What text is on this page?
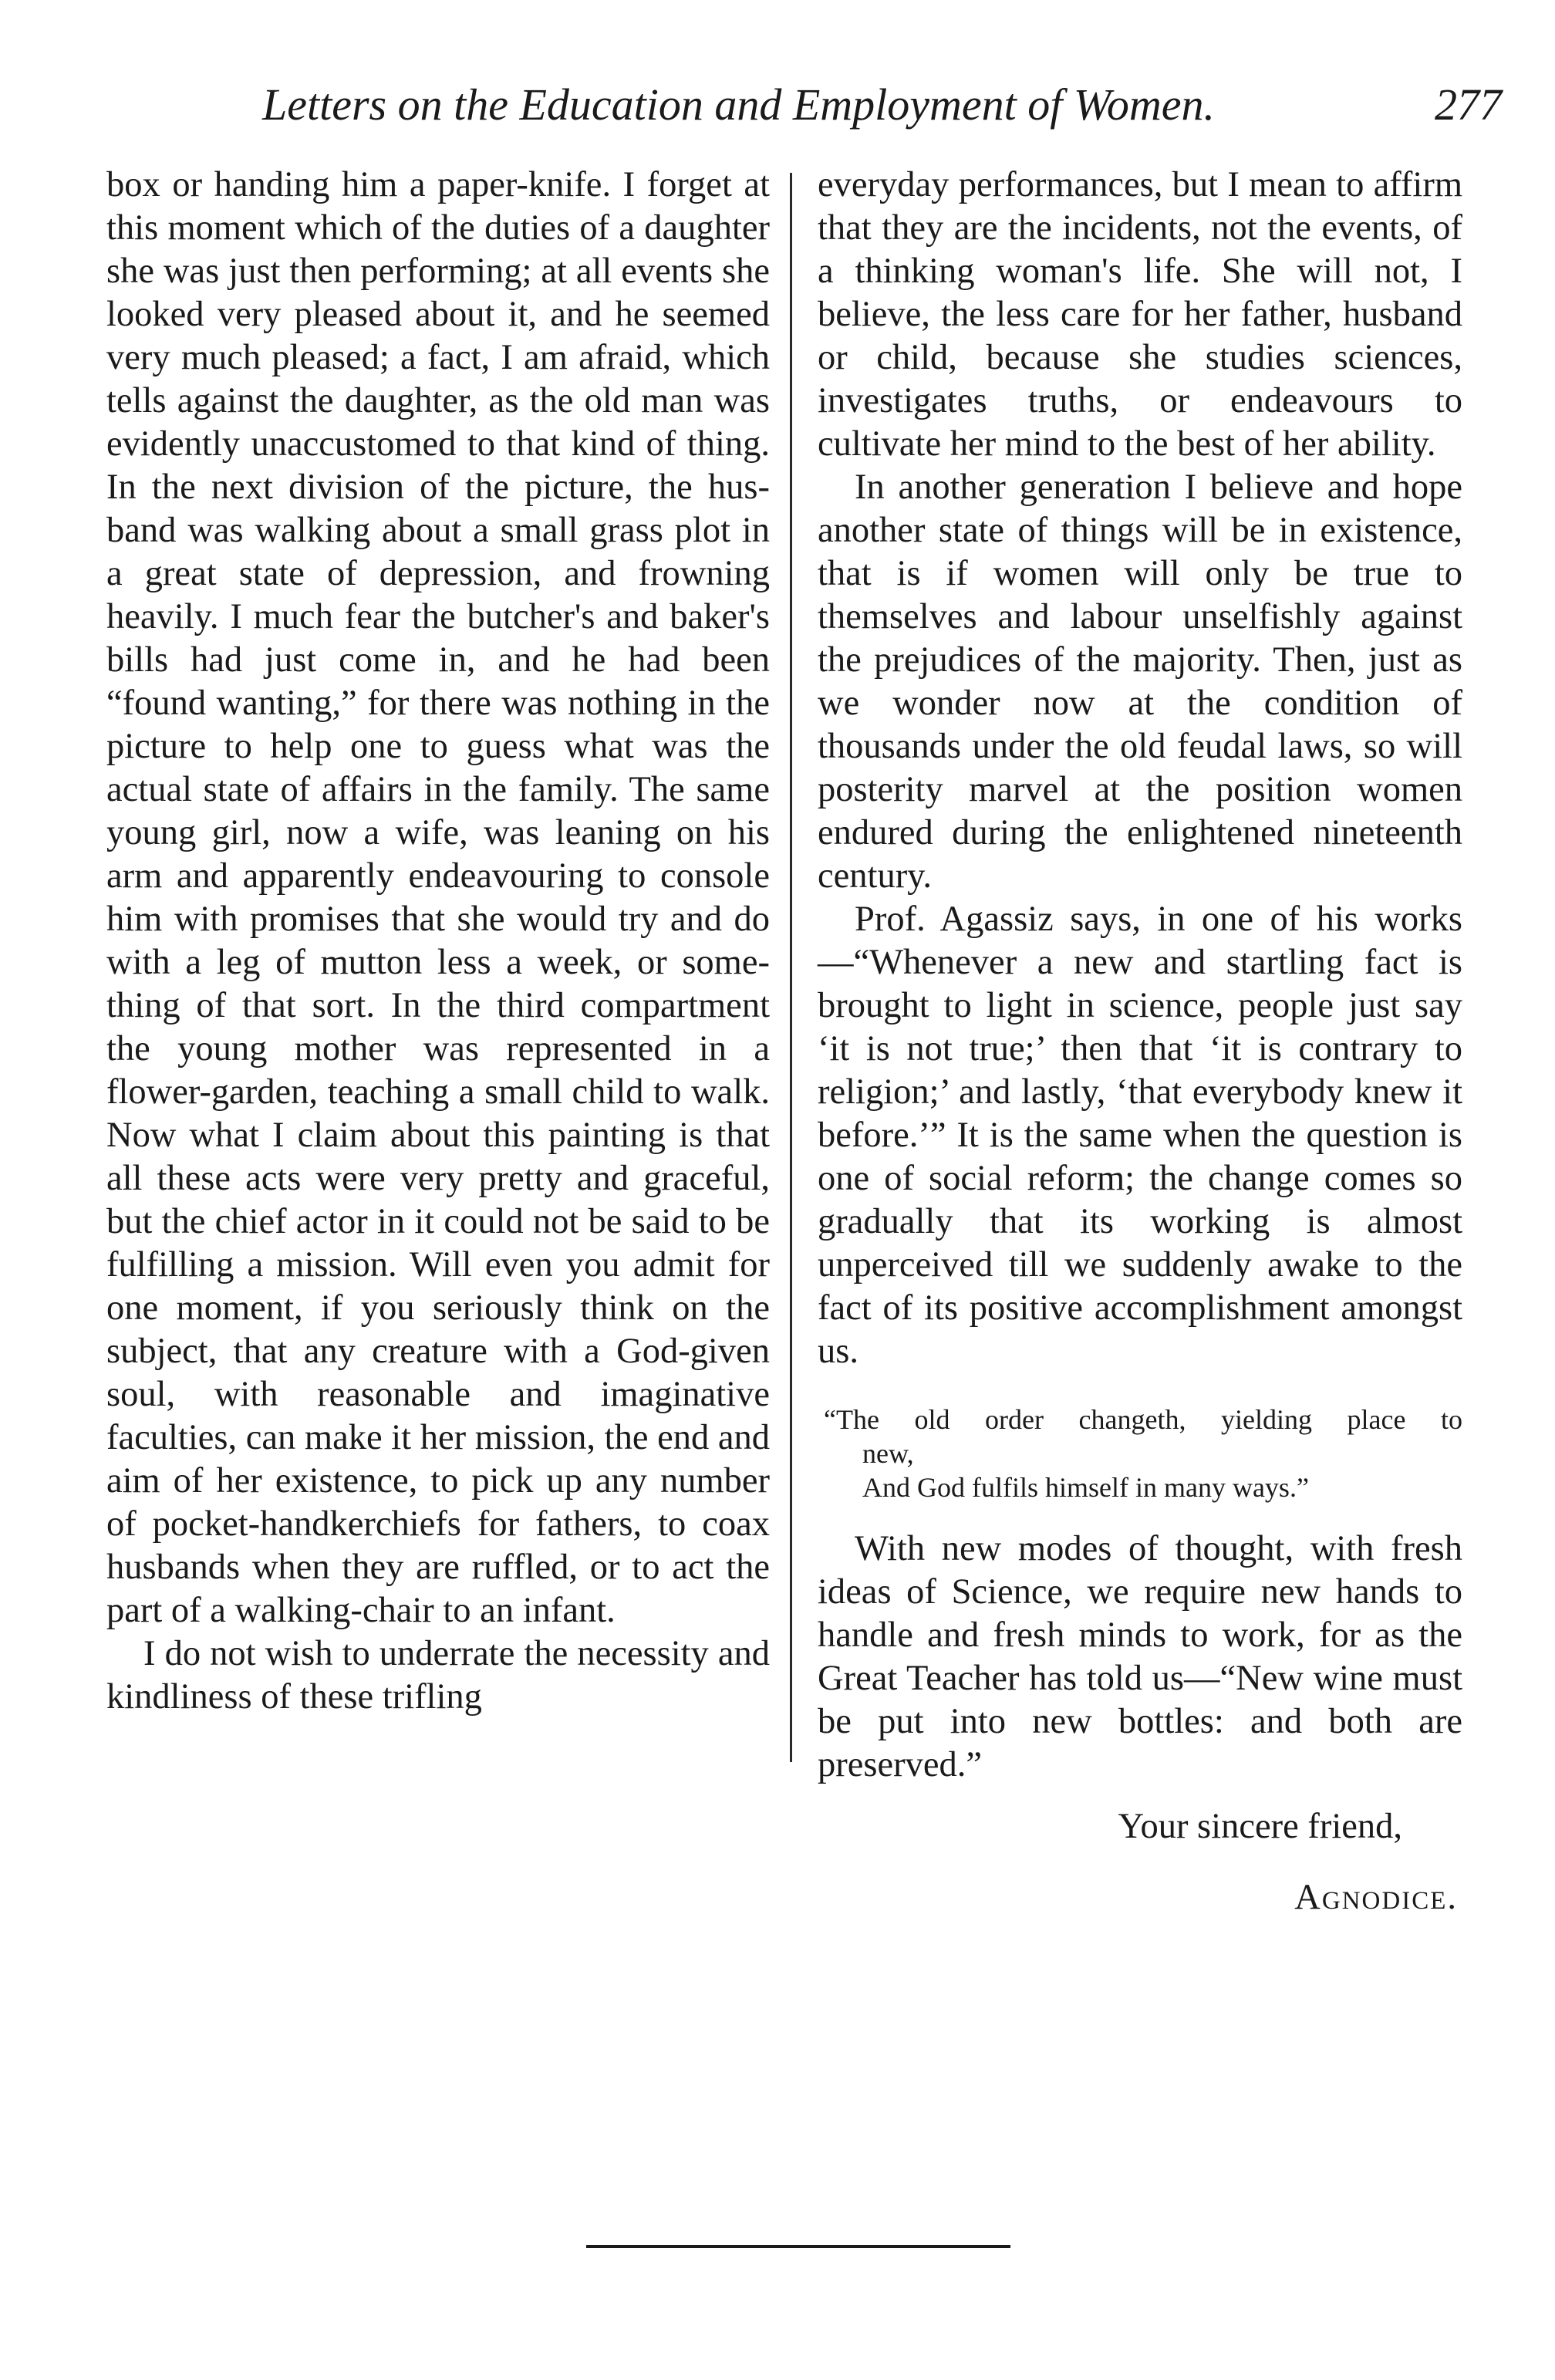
Letters on the Education and Employment of Women.	277

box or handing him a paper-knife. I forget at this moment which of the duties of a daughter she was just then performing; at all events she looked very pleased about it, and he seemed very much pleased; a fact, I am afraid, which tells against the daughter, as the old man was evidently unaccustomed to that kind of thing. In the next division of the picture, the husband was walking about a small grass plot in a great state of depression, and frowning heavily. I much fear the butcher's and baker's bills had just come in, and he had been “found wanting,” for there was nothing in the picture to help one to guess what was the actual state of affairs in the family. The same young girl, now a wife, was leaning on his arm and apparently endeavouring to console him with promises that she would try and do with a leg of mutton less a week, or something of that sort. In the third compartment the young mother was represented in a flower-garden, teaching a small child to walk. Now what I claim about this painting is that all these acts were very pretty and graceful, but the chief actor in it could not be said to be fulfilling a mission. Will even you admit for one moment, if you seriously think on the subject, that any creature with a God-given soul, with reasonable and imaginative faculties, can make it her mission, the end and aim of her existence, to pick up any number of pocket-handkerchiefs for fathers, to coax husbands when they are ruffled, or to act the part of a walking-chair to an infant.

I do not wish to underrate the necessity and kindliness of these trifling

everyday performances, but I mean to affirm that they are the incidents, not the events, of a thinking woman's life. She will not, I believe, the less care for her father, husband or child, because she studies sciences, investigates truths, or endeavours to cultivate her mind to the best of her ability.

In another generation I believe and hope another state of things will be in existence, that is if women will only be true to themselves and labour unselfishly against the prejudices of the majority. Then, just as we wonder now at the condition of thousands under the old feudal laws, so will posterity marvel at the position women endured during the enlightened nineteenth century.

Prof. Agassiz says, in one of his works—“Whenever a new and startling fact is brought to light in science, people just say ‘it is not true;’ then that ‘it is contrary to religion;’ and lastly, ‘that everybody knew it before.’” It is the same when the question is one of social reform; the change comes so gradually that its working is almost unperceived till we suddenly awake to the fact of its positive accomplishment amongst us.

“The old order changeth, yielding place to
new,
And God fulfils himself in many ways.”

With new modes of thought, with fresh ideas of Science, we require new hands to handle and fresh minds to work, for as the Great Teacher has told us—“New wine must be put into new bottles: and both are preserved.”

Your sincere friend,

Agnodice.
